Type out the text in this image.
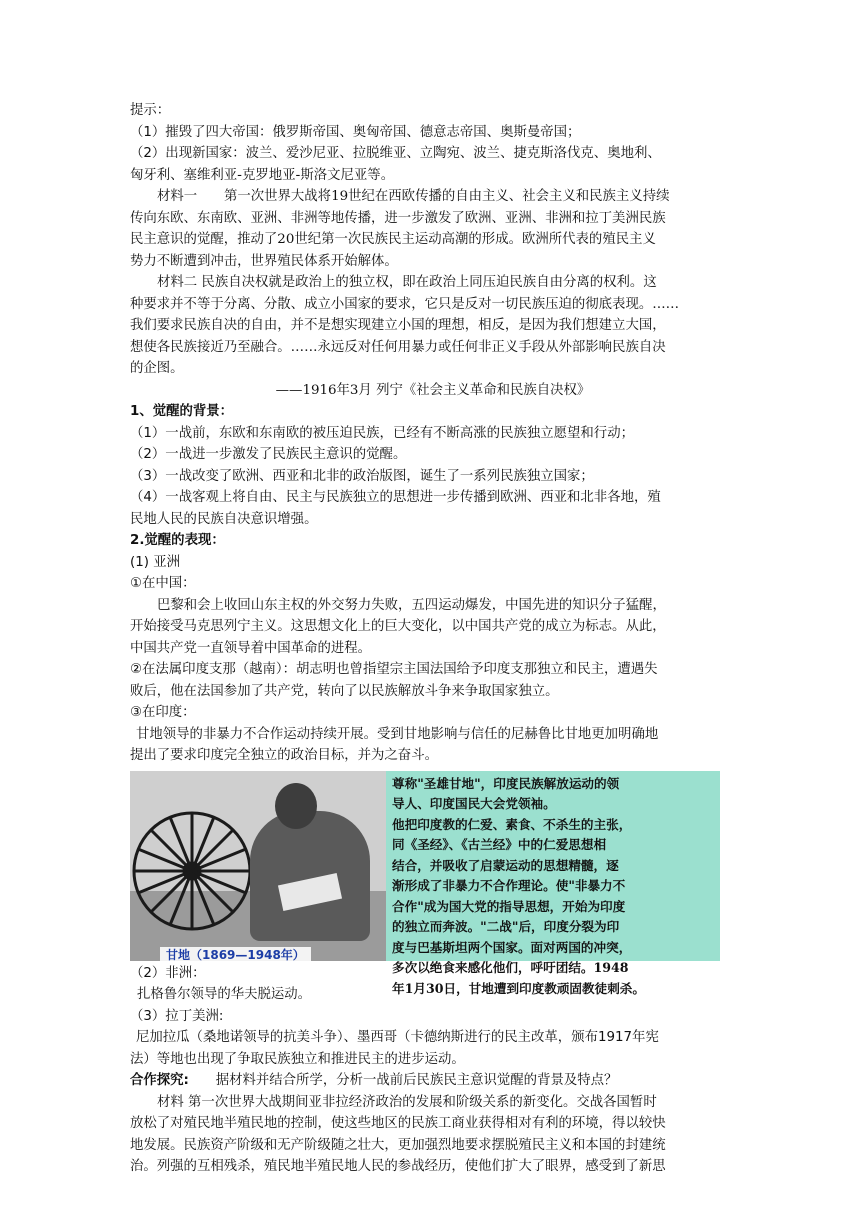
提示：
（1）摧毁了四大帝国：俄罗斯帝国、奥匈帝国、德意志帝国、奥斯曼帝国；
（2）出现新国家：波兰、爱沙尼亚、拉脱维亚、立陶宛、波兰、捷克斯洛伐克、奥地利、
匈牙利、塞维利亚-克罗地亚-斯洛文尼亚等。
材料一　　第一次世界大战将19世纪在西欧传播的自由主义、社会主义和民族主义持续
传向东欧、东南欧、亚洲、非洲等地传播，进一步激发了欧洲、亚洲、非洲和拉丁美洲民族
民主意识的觉醒，推动了20世纪第一次民族民主运动高潮的形成。欧洲所代表的殖民主义
势力不断遭到冲击，世界殖民体系开始解体。
材料二 民族自决权就是政治上的独立权，即在政治上同压迫民族自由分离的权利。这
种要求并不等于分离、分散、成立小国家的要求，它只是反对一切民族压迫的彻底表现。……
我们要求民族自决的自由，并不是想实现建立小国的理想，相反，是因为我们想建立大国，
想使各民族接近乃至融合。……永远反对任何用暴力或任何非正义手段从外部影响民族自决
的企图。
——1916年3月 列宁《社会主义革命和民族自决权》
1、觉醒的背景：
（1）一战前，东欧和东南欧的被压迫民族，已经有不断高涨的民族独立愿望和行动；
（2）一战进一步激发了民族民主意识的觉醒。
（3）一战改变了欧洲、西亚和北非的政治版图，诞生了一系列民族独立国家；
（4）一战客观上将自由、民主与民族独立的思想进一步传播到欧洲、西亚和北非各地，殖
民地人民的民族自决意识增强。
2.觉醒的表现：
(1) 亚洲
①在中国：
巴黎和会上收回山东主权的外交努力失败，五四运动爆发，中国先进的知识分子猛醒，
开始接受马克思列宁主义。这思想文化上的巨大变化，以中国共产党的成立为标志。从此，
中国共产党一直领导着中国革命的进程。
②在法属印度支那（越南）：胡志明也曾指望宗主国法国给予印度支那独立和民主，遭遇失
败后，他在法国参加了共产党，转向了以民族解放斗争来争取国家独立。
③在印度：
甘地领导的非暴力不合作运动持续开展。受到甘地影响与信任的尼赫鲁比甘地更加明确地
提出了要求印度完全独立的政治目标，并为之奋斗。
甘地（1869—1948年）
尊称"圣雄甘地"，印度民族解放运动的领
导人、印度国民大会党领袖。
他把印度教的仁爱、素食、不杀生的主张，
同《圣经》、《古兰经》中的仁爱思想相
结合，并吸收了启蒙运动的思想精髓，逐
渐形成了非暴力不合作理论。使"非暴力不
合作"成为国大党的指导思想，开始为印度
的独立而奔波。"二战"后，印度分裂为印
度与巴基斯坦两个国家。面对两国的冲突，
多次以绝食来感化他们，呼吁团结。1948
年1月30日，甘地遭到印度教顽固教徒刺杀。
（2）非洲：
扎格鲁尔领导的华夫脱运动。
（3）拉丁美洲:
尼加拉瓜（桑地诺领导的抗美斗争）、墨西哥（卡德纳斯进行的民主改革，颁布1917年宪
法）等地也出现了争取民族独立和推进民主的进步运动。
合作探究:　　据材料并结合所学，分析一战前后民族民主意识觉醒的背景及特点？
材料 第一次世界大战期间亚非拉经济政治的发展和阶级关系的新变化。交战各国暂时
放松了对殖民地半殖民地的控制，使这些地区的民族工商业获得相对有利的环境，得以较快
地发展。民族资产阶级和无产阶级随之壮大，更加强烈地要求摆脱殖民主义和本国的封建统
治。列强的互相残杀，殖民地半殖民地人民的参战经历，使他们扩大了眼界，感受到了新思
